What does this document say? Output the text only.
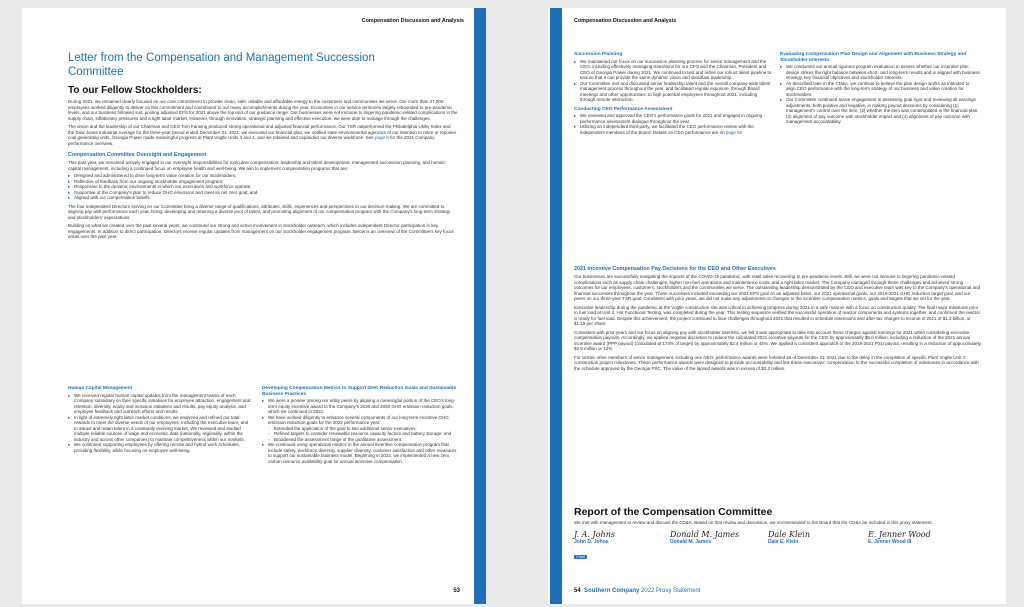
Compensation Discussion and Analysis
Letter from the Compensation and Management Succession Committee
To our Fellow Stockholders:

During 2021, we remained clearly focused on our core commitment to provide clean, safe, reliable and affordable energy to the customers and communities we serve. Our more than 27,000 employees worked diligently to deliver on this commitment and contributed to our many accomplishments during the year. Economies in our service territories largely rebounded to pre-pandemic levels, and our business followed suit, posting adjusted EPS for 2021 above the top end of our guidance range. Our businesses were not immune to lingering pandemic-related complications in the supply chain, inflationary pressures and a tight labor market. However, through innovation, strategic planning and effective execution, we were able to manage through the challenges.

The vision and the leadership of our Chairman and CEO Tom Fanning produced strong operational and adjusted financial performance. Our TSR outperformed the Philadelphia Utility Index and the Dow Jones Industrial Average for the three-year period ended December 31, 2021, we executed our financial plan, we notified state environmental agencies of our intention to retire or repower coal generating units, Georgia Power made meaningful progress at Plant Vogtle Units 3 and 4, and we retained and expanded our diverse workforce. See page 8 for the 2021 Company performance overview.

Compensation Committee Oversight and Engagement

This past year, we remained actively engaged in our oversight responsibilities for executive compensation, leadership and talent development, management succession planning, and human capital management, including a continued focus on employee health and well-being. We aim to implement compensation programs that are:

▸ Designed and administered to drive long-term value creation for our stockholders;
▸ Reflective of feedback from our ongoing stockholder engagement program;
▸ Responsive to the dynamic environments in which our executives and workforce operate;
▸ Supportive of the Company's plan to reduce GHG emissions and meet its net zero goal; and
▸ Aligned with our compensation beliefs.

The four independent Directors serving on our Committee bring a diverse range of qualifications, attributes, skills, experiences and perspectives to our decision-making. We are committed to aligning pay with performance each year, hiring, developing and retaining a diverse pool of talent, and promoting alignment of our compensation program with the Company's long-term strategy and stockholders' expectations.

Building on what we created over the past several years, we continued our strong and active involvement in stockholder outreach, which includes independent Director participation in key engagements. In addition to direct participation, Directors receive regular updates from management on our stockholder engagement program. Below is an overview of the Committee's key focus areas over the past year:

Human Capital Management
▸ We received regular human capital updates from the management teams of each Company subsidiary on their specific initiatives for employee attraction, engagement and retention, diversity, equity and inclusion initiatives and results, pay equity analysis, and employee feedback and outreach efforts and results.
▸ In light of extremely tight labor market conditions, we analyzed and refined our total rewards to meet the diverse needs of our employees, including the executive team, and to attract and retain talent in a constantly evolving market. We reviewed and studied multiple reliable sources of wage and economic data (nationally, regionally, within the industry and across other companies) to maintain competitiveness within our markets.
▸ We continued supporting employees by offering remote and hybrid work schedules, providing flexibility, while focusing on employee well-being.
Developing Compensation Metrics to Support GHG Reduction Goals and Sustainable Business Practices
▸ We were a pioneer among our utility peers by aligning a meaningful portion of the CEO's long-term equity incentive award to the Company's 2030 and 2050 GHG emission reduction goals, which we continued in 2021.
▸ We have worked diligently to enhance several components of our long-term incentive GHG emission reduction goals for the 2022 performance year:
◦ Extended the application of the goal to two additional senior executives;
◦ Refined targets to consider renewable resource capacity factors and battery storage; and
◦ Broadened the assessment range of the qualitative assessment.
▸ We continued using operational metrics in the annual incentive compensation program that include safety, workforce diversity, supplier diversity, customer satisfaction and other measures to support our sustainable business model. Beginning in 2022, we implemented a new zero carbon resource availability goal for annual incentive compensation.
53
Compensation Discussion and Analysis
Succession Planning
▸ We maintained our focus on our succession planning process for senior management and the CEO, including effectively managing transitions for our CFO and the Chairman, President and CEO of Georgia Power during 2021. We continued to test and refine our robust talent pipeline to ensure that it can provide the same dynamic vision and steadfast leadership.
▸ Our Committee met and discussed senior leadership talent and the overall company-wide talent management process throughout the year, and facilitated regular exposure, through Board meetings and other opportunities, to high potential employees throughout 2021, including through remote interaction.
Conducting CEO Performance Assessment
▸ We reviewed and approved the CEO's performance goals for 2021 and engaged in ongoing performance assessment dialogue throughout the year.
▸ Utilizing an independent third-party, we facilitated the CEO performance review with the independent members of the Board. Details on CEO performance are on page 65
Evaluating Compensation Plan Design and Alignment with Business Strategy and Stockholder Interests
▸ We conducted our annual rigorous program evaluation to assess whether our incentive plan design strikes the right balance between short- and long-term results and is aligned with business strategy, key financial objectives and stockholder interests.
▸ As described later in the CD&A, we continue to believe the plan design works as intended to align CEO performance with the long-term strategy of our business and value creation for stockholders.
▸ Our Committee continued active engagement in assessing goal rigor and reviewing all earnings adjustments, both positive and negative, in making payout decisions by considering (1) management's control over the item, (2) whether the item was contemplated in the financial plan, (3) alignment of pay outcome with stockholder impact and (4) alignment of pay outcome with management accountability.
2021 Incentive Compensation Pay Decisions for the CEO and Other Executives

Our businesses are successfully navigating the impacts of the COVID-19 pandemic, with retail sales recovering to pre-pandemic levels. Still, we were not immune to lingering pandemic-related complications such as supply chain challenges, higher non-fuel operations and maintenance costs, and a tight labor market. The Company managed through these challenges and achieved strong outcomes for our employees, customers, stockholders and the communities we serve. The outstanding leadership demonstrated by the CEO and executive team was key to the Company's operational and financial successes throughout the year. These successes included exceeding our 2021 EPS goal on an adjusted basis, our 2021 operational goals, our 2019-2021 GHG reduction target goal, and our peers on our three-year TSR goal. Consistent with prior years, we did not make any adjustments or changes to the incentive compensation metrics, goals and targets that we set for the year.

Executive leadership during the pandemic at the Vogtle construction site was critical to achieving progress during 2021 in a safe manner with a focus on construction quality. The final major milestone prior to fuel load at Unit 3, Hot Functional Testing, was completed during the year. This testing sequence verified the successful operation of reactor components and systems together, and confirmed the reactor is ready for fuel load. Despite this achievement, the project continued to face challenges throughout 2021 that resulted in schedule extensions and after-tax charges to income in 2021 of $1.3 billion, or $1.19 per share.

Consistent with prior years and our focus on aligning pay with stockholder interests, we felt it was appropriate to take into account these charges against earnings for 2021 when considering executive compensation payouts. Accordingly, we applied negative discretion to reduce the calculated 2021 incentive payouts for the CEO by approximately $5.0 million, including a reduction of the 2021 annual incentive award (PPP payout) (calculated at 174% of target) by approximately $2.4 million or 46%. We applied a consistent approach to the 2019-2021 PSU payout, resulting in a reduction of approximately $2.6 million or 12%.

For certain other members of senior management, including one NEO, performance awards were forfeited as of December 31, 2021 due to the delay in the completion of specific Plant Vogtle Unit 3 construction project milestones. These performance awards were designed to provide accountability and link these executives' compensation to the successful completion of milestones in accordance with the schedule approved by the Georgia PSC. The value of the lapsed awards was in excess of $2.2 million.

Report of the Compensation Committee

We met with management to review and discuss the CD&A. Based on that review and discussion, we recommended to the Board that the CD&A be included in this proxy statement.

J. A. Johns
John D. Johns
Chair
Donald M. James
Donald M. James
Dale Klein
Dale E. Klein
E. Jenner Wood
E. Jenner Wood III
54 Southern Company 2022 Proxy Statement
